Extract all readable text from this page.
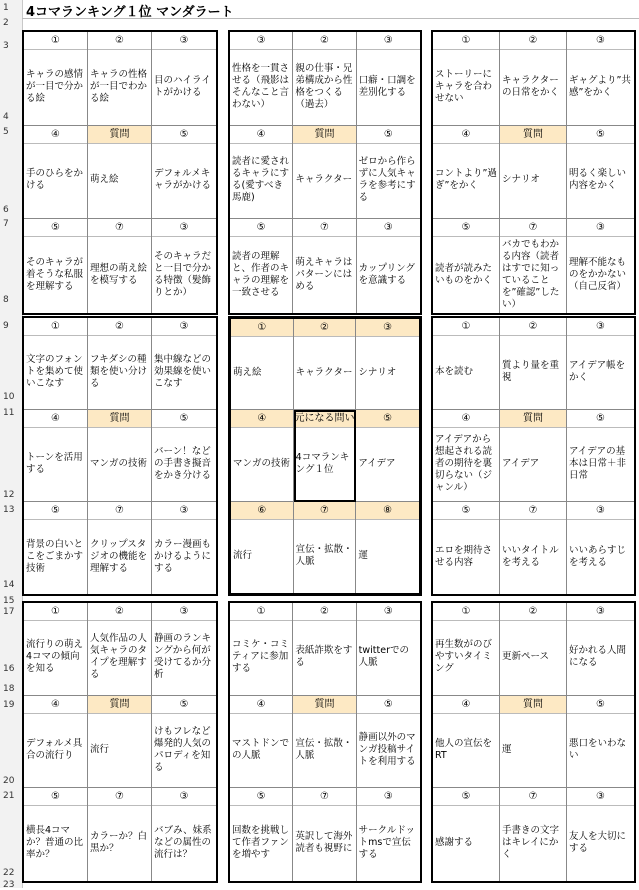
1
2
3
4
5
6
7
8
9
10
11
12
13
14
15
16
17
18
19
20
21
22
23
4コマランキング１位 マンダラート
①
キャラの感情が一目で分かる絵
②
キャラの性格が一目でわかる絵
③
目のハイライトがかける
④
手のひらをかける
質問
萌え絵
⑤
デフォルメキャラがかける
⑤
そのキャラが着そうな私服を理解する
⑦
理想の萌え絵を模写する
③
そのキャラだと一目で分かる特徴（髪飾りとか）
③
性格を一貫させる（飛影はそんなこと言わない）
②
親の仕事・兄弟構成から性格をつくる（過去）
③
口癖・口調を差別化する
④
読者に愛されるキャラにする(愛すべき馬鹿)
質問
キャラクター
⑤
ゼロから作らずに人気キャラを参考にする
⑤
読者の理解と、作者のキャラの理解を一致させる
⑦
萌えキャラはパターンにはめる
③
カップリングを意識する
①
ストーリーにキャラを合わせない
②
キャラクターの日常をかく
③
ギャグより”共感”をかく
④
コントより”過ぎ”をかく
質問
シナリオ
⑤
明るく楽しい内容をかく
⑤
読者が読みたいものをかく
⑦
バカでもわかる内容（読者はすでに知っていることを”確認”したい）
③
理解不能なものをかかない（自己反省）
①
文字のフォントを集めて使いこなす
②
フキダシの種類を使い分ける
③
集中線などの効果線を使いこなす
④
トーンを活用する
質問
マンガの技術
⑤
バーン！などの手書き擬音をかき分ける
⑤
背景の白いとこをごまかす技術
⑦
クリップスタジオの機能を理解する
③
カラー漫画もかけるようにする
①
萌え絵
②
キャラクター
③
シナリオ
④
マンガの技術
元になる問い
4コマランキング１位
⑤
アイデア
⑥
流行
⑦
宣伝・拡散・人脈
⑧
運
①
本を読む
②
質より量を重視
③
アイデア帳をかく
④
アイデアから想起される読者の期待を裏切らない（ジャンル）
質問
アイデア
⑤
アイデアの基本は日常＋非日常
⑤
エロを期待させる内容
⑦
いいタイトルを考える
③
いいあらすじを考える
①
流行りの萌え4コマの傾向を知る
②
人気作品の人気キャラのタイプを理解する
③
静画のランキングから何が受けてるか分析
④
デフォルメ具合の流行り
質問
流行
⑤
けもフレなど爆発的人気のパロディを知る
⑤
横長4コマか？普通の比率か？
⑦
カラーか？白黒か？
③
バブみ、妹系などの属性の流行は？
①
コミケ・コミティアに参加する
②
表紙詐欺をする
③
twitterでの人脈
④
マストドンでの人脈
質問
宣伝・拡散・人脈
⑤
静画以外のマンガ投稿サイトを利用する
⑤
回数を挑戦して作者ファンを増やす
⑦
英訳して海外読者も視野に
③
サークルドットmsで宣伝する
①
再生数がのびやすいタイミング
②
更新ペース
③
好かれる人間になる
④
他人の宣伝をRT
質問
運
⑤
悪口をいわない
⑤
感謝する
⑦
手書きの文字はキレイにかく
③
友人を大切にする
